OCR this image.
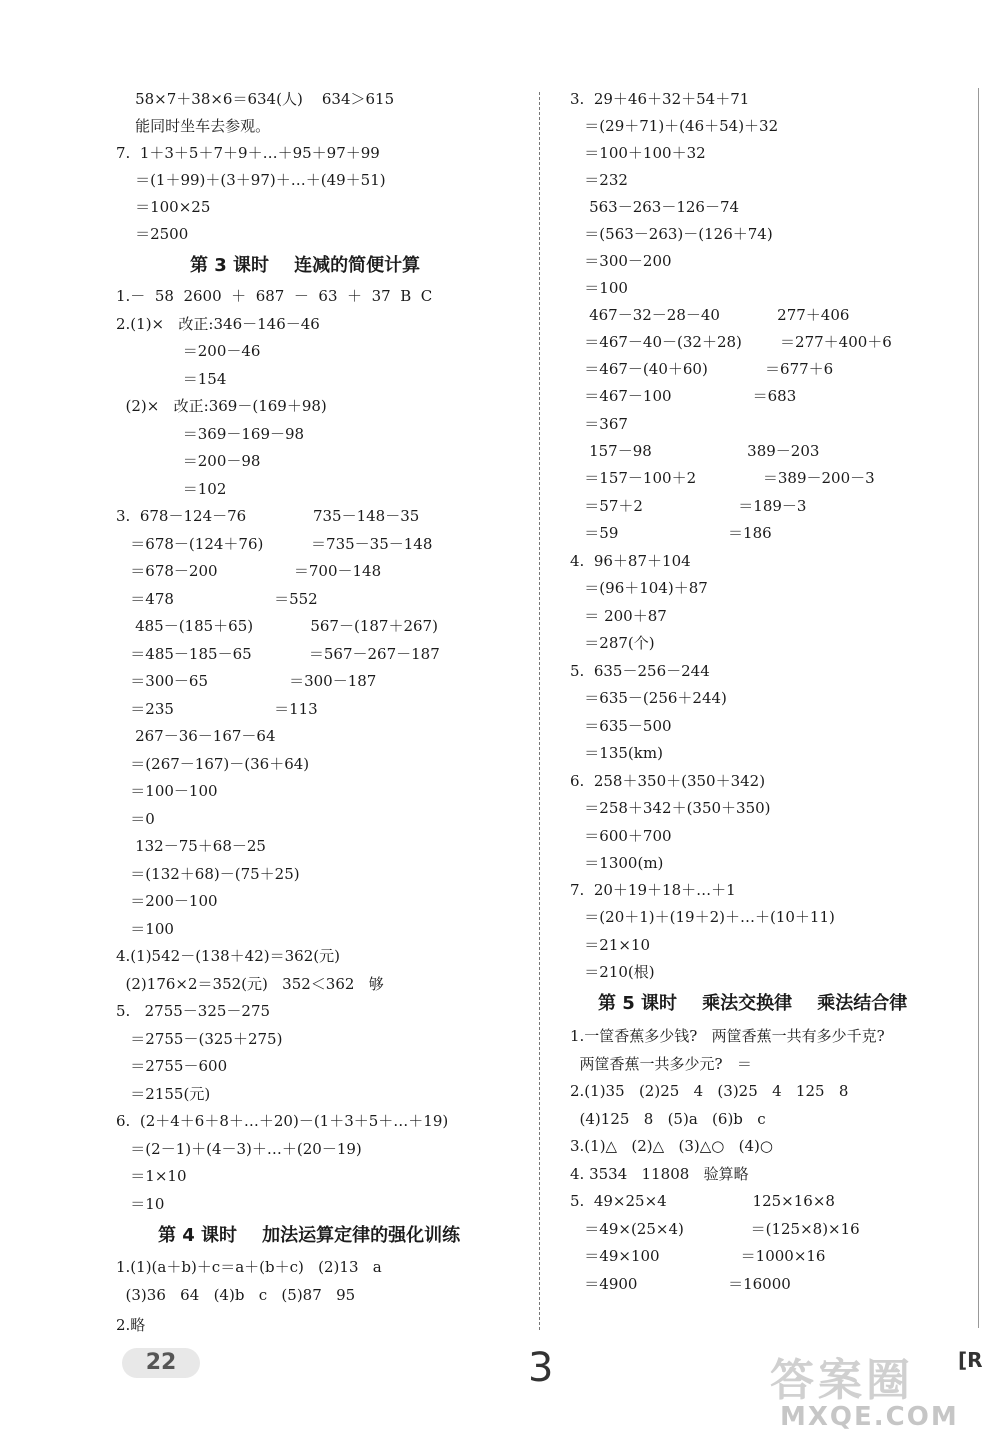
58×7＋38×6＝634(人)    634＞615
能同时坐车去参观。
7.  1＋3＋5＋7＋9＋…＋95＋97＋99
＝(1＋99)＋(3＋97)＋…＋(49＋51)
＝100×25
＝2500
第 3 课时    连减的简便计算
1.－  58  2600  ＋  687  －  63  ＋  37  B  C
2.(1)×   改正:346－146－46
＝200－46
＝154
(2)×   改正:369－(169＋98)
＝369－169－98
＝200－98
＝102
3.  678－124－76              735－148－35
＝678－(124＋76)          ＝735－35－148
＝678－200                ＝700－148
＝478                     ＝552
485－(185＋65)            567－(187＋267)
＝485－185－65            ＝567－267－187
＝300－65                 ＝300－187
＝235                     ＝113
267－36－167－64
＝(267－167)－(36＋64)
＝100－100
＝0
132－75＋68－25
＝(132＋68)－(75＋25)
＝200－100
＝100
4.(1)542－(138＋42)＝362(元)
(2)176×2＝352(元)   352＜362   够
5.   2755－325－275
＝2755－(325＋275)
＝2755－600
＝2155(元)
6.  (2＋4＋6＋8＋…＋20)－(1＋3＋5＋…＋19)
＝(2－1)＋(4－3)＋…＋(20－19)
＝1×10
＝10
第 4 课时    加法运算定律的强化训练
1.(1)(a＋b)＋c＝a＋(b＋c)   (2)13   a
(3)36   64   (4)b   c   (5)87   95
2.略
3.  29＋46＋32＋54＋71
＝(29＋71)＋(46＋54)＋32
＝100＋100＋32
＝232
563－263－126－74
＝(563－263)－(126＋74)
＝300－200
＝100
467－32－28－40            277＋406
＝467－40－(32＋28)        ＝277＋400＋6
＝467－(40＋60)            ＝677＋6
＝467－100                 ＝683
＝367
157－98                    389－203
＝157－100＋2              ＝389－200－3
＝57＋2                    ＝189－3
＝59                       ＝186
4.  96＋87＋104
＝(96＋104)＋87
＝ 200＋87
＝287(个)
5.  635－256－244
＝635－(256＋244)
＝635－500
＝135(km)
6.  258＋350＋(350＋342)
＝258＋342＋(350＋350)
＝600＋700
＝1300(m)
7.  20＋19＋18＋…＋1
＝(20＋1)＋(19＋2)＋…＋(10＋11)
＝21×10
＝210(根)
第 5 课时    乘法交换律    乘法结合律
1.一筐香蕉多少钱?   两筐香蕉一共有多少千克?
两筐香蕉一共多少元?   ＝
2.(1)35   (2)25   4   (3)25   4   125   8
(4)125   8   (5)a   (6)b   c
3.(1)△   (2)△   (3)△○   (4)○
4. 3534   11808   验算略
5.  49×25×4                  125×16×8
＝49×(25×4)              ＝(125×8)×16
＝49×100                 ＝1000×16
＝4900                   ＝16000
22	3	答案圈
MXQE.COM
[R
